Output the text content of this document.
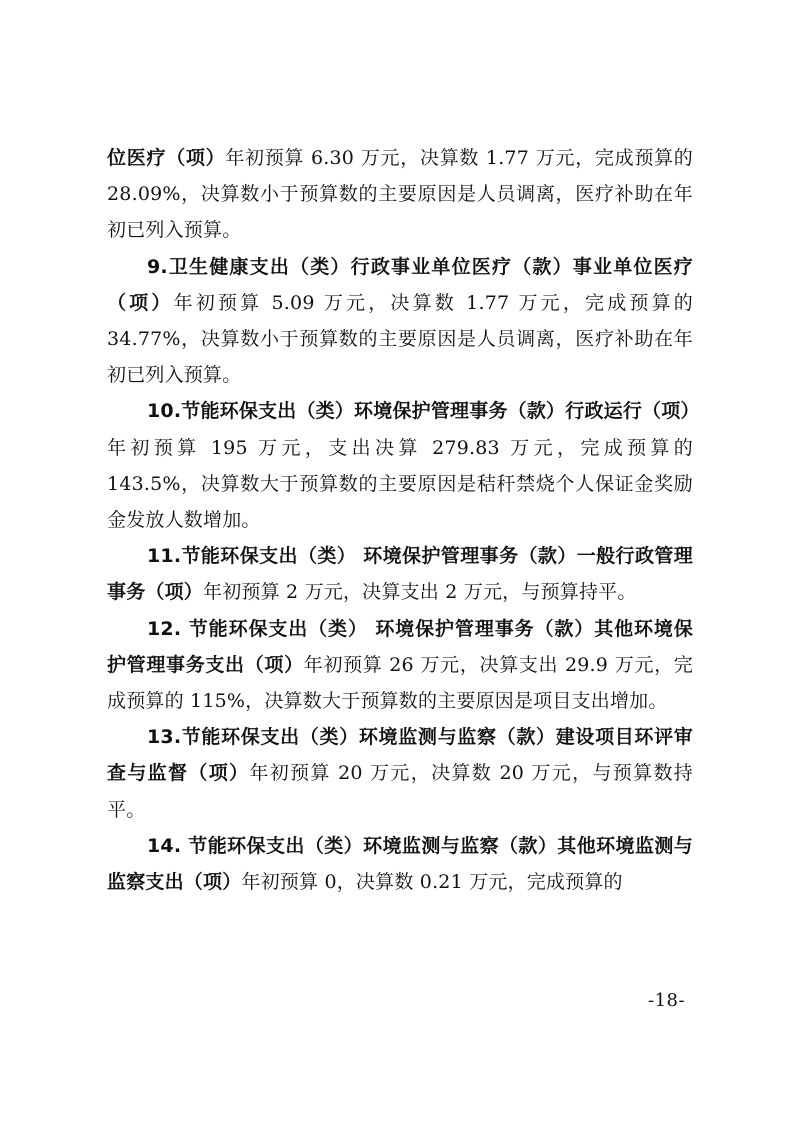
位医疗（项）年初预算 6.30 万元，决算数 1.77 万元，完成预算的 28.09%，决算数小于预算数的主要原因是人员调离，医疗补助在年初已列入预算。

9.卫生健康支出（类）行政事业单位医疗（款）事业单位医疗（项）年初预算 5.09 万元，决算数 1.77 万元，完成预算的 34.77%，决算数小于预算数的主要原因是人员调离，医疗补助在年初已列入预算。

10.节能环保支出（类）环境保护管理事务（款）行政运行（项）年初预算 195 万元，支出决算 279.83 万元，完成预算的 143.5%，决算数大于预算数的主要原因是秸秆禁烧个人保证金奖励金发放人数增加。

11.节能环保支出（类） 环境保护管理事务（款）一般行政管理事务（项）年初预算 2 万元，决算支出 2 万元，与预算持平。

12. 节能环保支出（类） 环境保护管理事务（款）其他环境保护管理事务支出（项）年初预算 26 万元，决算支出 29.9 万元，完成预算的 115%，决算数大于预算数的主要原因是项目支出增加。

13.节能环保支出（类）环境监测与监察（款）建设项目环评审查与监督（项）年初预算 20 万元，决算数 20 万元，与预算数持平。

14. 节能环保支出（类）环境监测与监察（款）其他环境监测与监察支出（项）年初预算 0，决算数 0.21 万元，完成预算的

-18-
